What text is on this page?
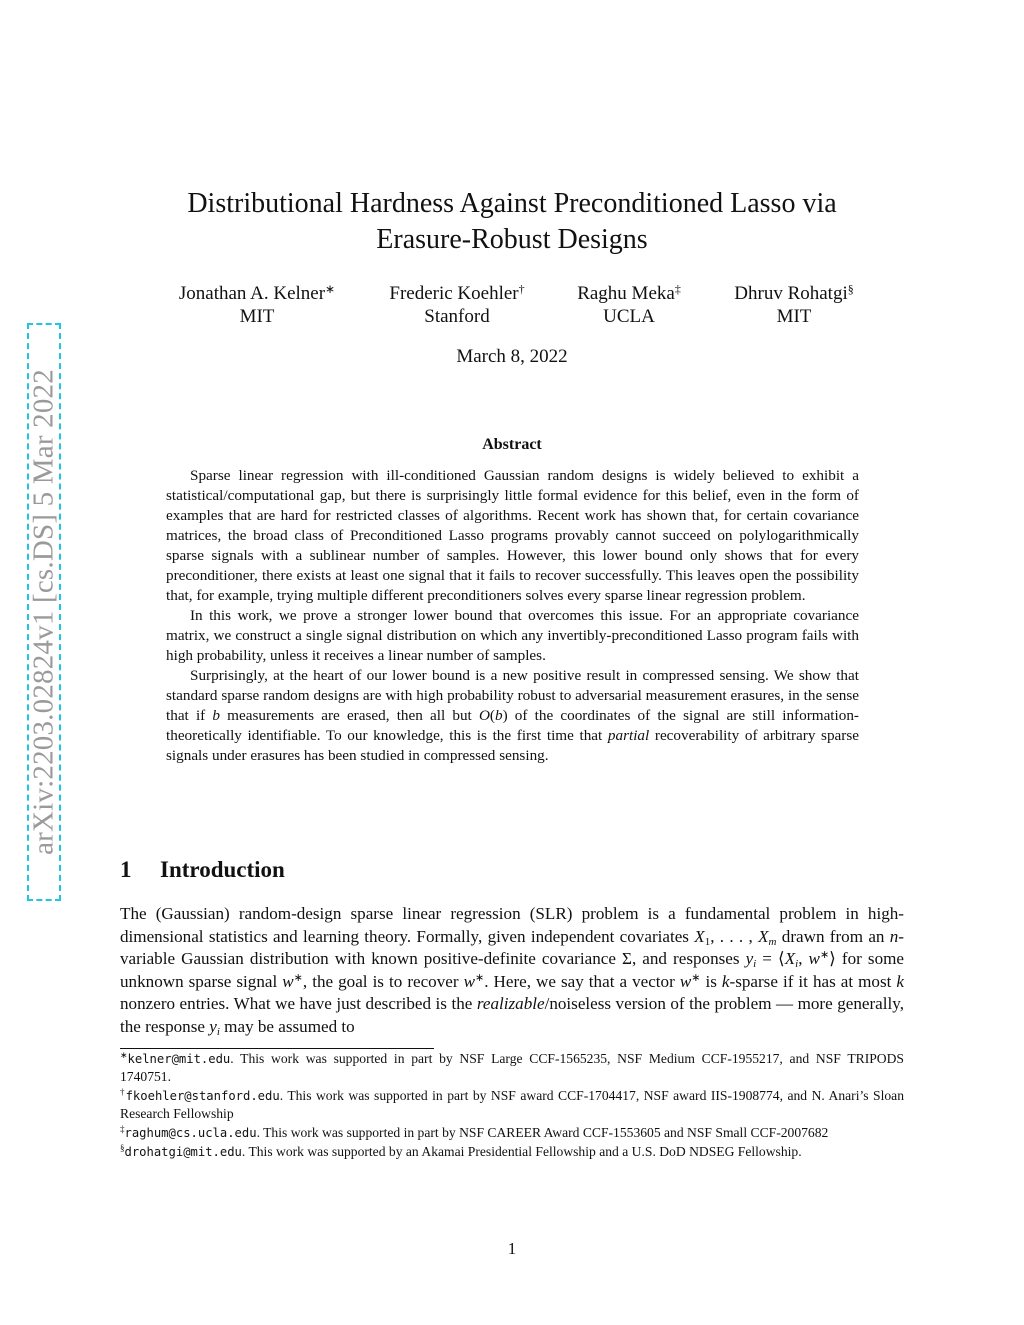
arXiv:2203.02824v1 [cs.DS] 5 Mar 2022
Distributional Hardness Against Preconditioned Lasso via
Erasure-Robust Designs
Jonathan A. Kelner∗
MIT
Frederic Koehler†
Stanford
Raghu Meka‡
UCLA
Dhruv Rohatgi§
MIT
March 8, 2022
Abstract

Sparse linear regression with ill-conditioned Gaussian random designs is widely believed to exhibit a statistical/computational gap, but there is surprisingly little formal evidence for this belief, even in the form of examples that are hard for restricted classes of algorithms. Recent work has shown that, for certain covariance matrices, the broad class of Preconditioned Lasso programs provably cannot succeed on polylogarithmically sparse signals with a sublinear number of samples. However, this lower bound only shows that for every preconditioner, there exists at least one signal that it fails to recover successfully. This leaves open the possibility that, for example, trying multiple different preconditioners solves every sparse linear regression problem.

In this work, we prove a stronger lower bound that overcomes this issue. For an appropriate covariance matrix, we construct a single signal distribution on which any invertibly-preconditioned Lasso program fails with high probability, unless it receives a linear number of samples.

Surprisingly, at the heart of our lower bound is a new positive result in compressed sensing. We show that standard sparse random designs are with high probability robust to adversarial measurement erasures, in the sense that if b measurements are erased, then all but O(b) of the coordinates of the signal are still information-theoretically identifiable. To our knowledge, this is the first time that partial recoverability of arbitrary sparse signals under erasures has been studied in compressed sensing.

1 Introduction

The (Gaussian) random-design sparse linear regression (SLR) problem is a fundamental problem in high-dimensional statistics and learning theory. Formally, given independent covariates $X_1$, . . . , $X_m$ drawn from an n-variable Gaussian distribution with known positive-definite covariance Σ, and responses $y_i$ = $⟨X_i$, w∗⟩ for some unknown sparse signal w∗, the goal is to recover w∗. Here, we say that a vector w∗ is k-sparse if it has at most k nonzero entries. What we have just described is the realizable/noiseless version of the problem — more generally, the response $y_i$ may be assumed to

∗kelner@mit.edu. This work was supported in part by NSF Large CCF-1565235, NSF Medium CCF-1955217, and NSF TRIPODS 1740751.

†fkoehler@stanford.edu. This work was supported in part by NSF award CCF-1704417, NSF award IIS-1908774, and N. Anari’s Sloan Research Fellowship

‡raghum@cs.ucla.edu. This work was supported in part by NSF CAREER Award CCF-1553605 and NSF Small CCF-2007682

§drohatgi@mit.edu. This work was supported by an Akamai Presidential Fellowship and a U.S. DoD NDSEG Fellowship.

1
